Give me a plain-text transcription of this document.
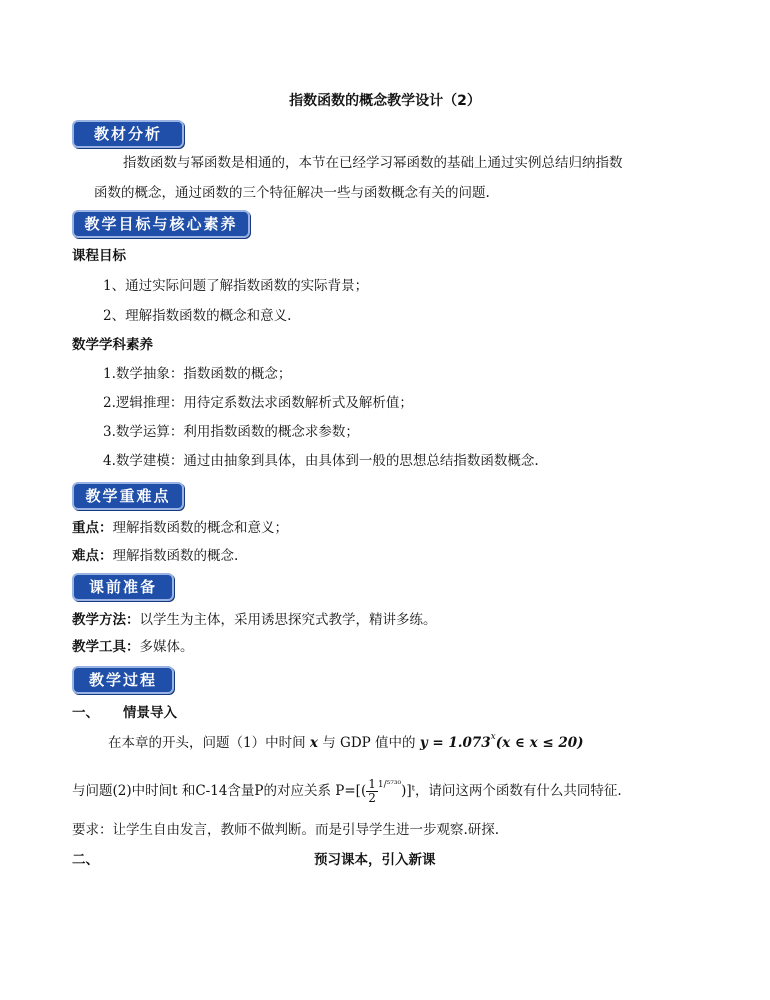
指数函数的概念教学设计（2）
教材分析
指数函数与幂函数是相通的，本节在已经学习幂函数的基础上通过实例总结归纳指数
函数的概念，通过函数的三个特征解决一些与函数概念有关的问题.
教学目标与核心素养
课程目标
1、通过实际问题了解指数函数的实际背景；
2、理解指数函数的概念和意义.
数学学科素养
1.数学抽象：指数函数的概念；
2.逻辑推理：用待定系数法求函数解析式及解析值；
3.数学运算：利用指数函数的概念求参数；
4.数学建模：通过由抽象到具体，由具体到一般的思想总结指数函数概念.
教学重难点
重点：理解指数函数的概念和意义；
难点：理解指数函数的概念.
课前准备
教学方法：以学生为主体，采用诱思探究式教学，精讲多练。
教学工具：多媒体。
教学过程
一、 情景导入
在本章的开头，问题（1）中时间 x 与 GDP 值中的 $y = 1.073^x(x$ ∈ x ≤ 20)
与问题(2)中时间t 和C-14含量P的对应关系 $P=[( \frac{1}{2}$ $^{1/^{5730}}$)]ᵗ，请问这两个函数有什么共同特征.
要求：让学生自由发言，教师不做判断。而是引导学生进一步观察.研探.
二、	预习课本，引入新课
